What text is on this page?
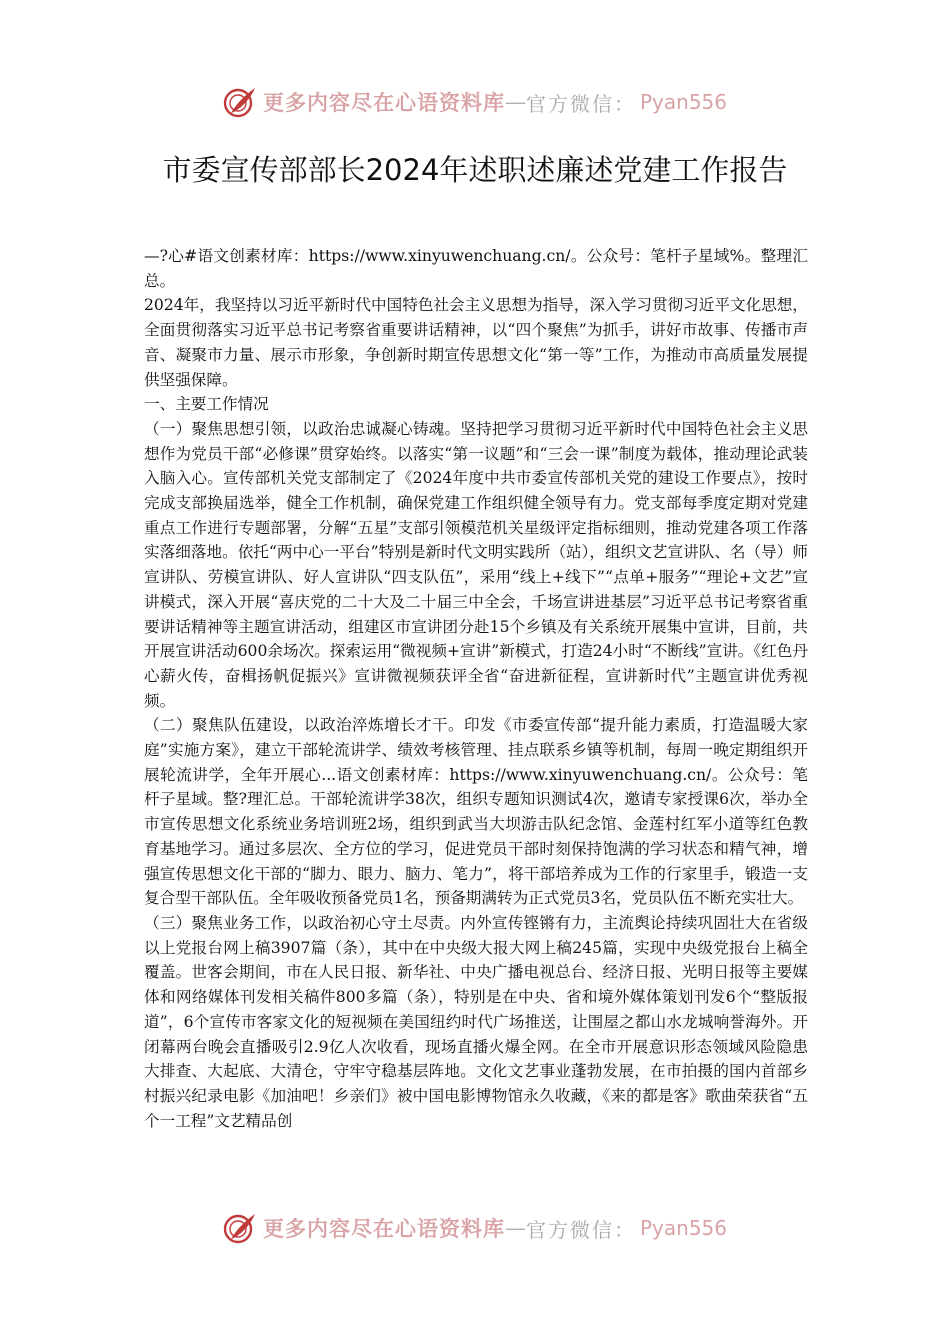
更多内容尽在心语资料库 — 官方微信： Pyan556
市委宣传部部长2024年述职述廉述党建工作报告

—?心#语文创素材库：https://www.xinyuwenchuang.cn/。公众号：笔杆子星域%。整理汇总。

2024年，我坚持以习近平新时代中国特色社会主义思想为指导，深入学习贯彻习近平文化思想，全面贯彻落实习近平总书记考察省重要讲话精神，以“四个聚焦”为抓手，讲好市故事、传播市声音、凝聚市力量、展示市形象，争创新时期宣传思想文化“第一等”工作，为推动市高质量发展提供坚强保障。

一、主要工作情况

（一）聚焦思想引领，以政治忠诚凝心铸魂。坚持把学习贯彻习近平新时代中国特色社会主义思想作为党员干部“必修课”贯穿始终。以落实“第一议题”和“三会一课”制度为载体，推动理论武装入脑入心。宣传部机关党支部制定了《2024年度中共市委宣传部机关党的建设工作要点》，按时完成支部换届选举，健全工作机制，确保党建工作组织健全领导有力。党支部每季度定期对党建重点工作进行专题部署，分解“五星”支部引领模范机关星级评定指标细则，推动党建各项工作落实落细落地。依托“两中心一平台”特别是新时代文明实践所（站），组织文艺宣讲队、名（导）师宣讲队、劳模宣讲队、好人宣讲队“四支队伍”，采用“线上+线下”“点单+服务”“理论+文艺”宣讲模式，深入开展“喜庆党的二十大及二十届三中全会，千场宣讲进基层”习近平总书记考察省重要讲话精神等主题宣讲活动，组建区市宣讲团分赴15个乡镇及有关系统开展集中宣讲，目前，共开展宣讲活动600余场次。探索运用“微视频+宣讲”新模式，打造24小时“不断线”宣讲。《红色丹心薪火传，奋楫扬帆促振兴》宣讲微视频获评全省“奋进新征程，宣讲新时代”主题宣讲优秀视频。

（二）聚焦队伍建设，以政治淬炼增长才干。印发《市委宣传部“提升能力素质，打造温暖大家庭”实施方案》，建立干部轮流讲学、绩效考核管理、挂点联系乡镇等机制，每周一晚定期组织开展轮流讲学，全年开展心...语文创素材库：https://www.xinyuwenchuang.cn/。公众号：笔杆子星域。整?理汇总。干部轮流讲学38次，组织专题知识测试4次，邀请专家授课6次，举办全市宣传思想文化系统业务培训班2场，组织到武当大坝游击队纪念馆、金莲村红军小道等红色教育基地学习。通过多层次、全方位的学习，促进党员干部时刻保持饱满的学习状态和精气神，增强宣传思想文化干部的“脚力、眼力、脑力、笔力”，将干部培养成为工作的行家里手，锻造一支复合型干部队伍。全年吸收预备党员1名，预备期满转为正式党员3名，党员队伍不断充实壮大。

（三）聚焦业务工作，以政治初心守土尽责。内外宣传铿锵有力，主流舆论持续巩固壮大在省级以上党报台网上稿3907篇（条），其中在中央级大报大网上稿245篇，实现中央级党报台上稿全覆盖。世客会期间，市在人民日报、新华社、中央广播电视总台、经济日报、光明日报等主要媒体和网络媒体刊发相关稿件800多篇（条），特别是在中央、省和境外媒体策划刊发6个“整版报道”，6个宣传市客家文化的短视频在美国纽约时代广场推送，让围屋之都山水龙城响誉海外。开闭幕两台晚会直播吸引2.9亿人次收看，现场直播火爆全网。在全市开展意识形态领域风险隐患大排查、大起底、大清仓，守牢守稳基层阵地。文化文艺事业蓬勃发展，在市拍摄的国内首部乡村振兴纪录电影《加油吧！乡亲们》被中国电影博物馆永久收藏，《来的都是客》歌曲荣获省“五个一工程”文艺精品创

更多内容尽在心语资料库 — 官方微信： Pyan556
